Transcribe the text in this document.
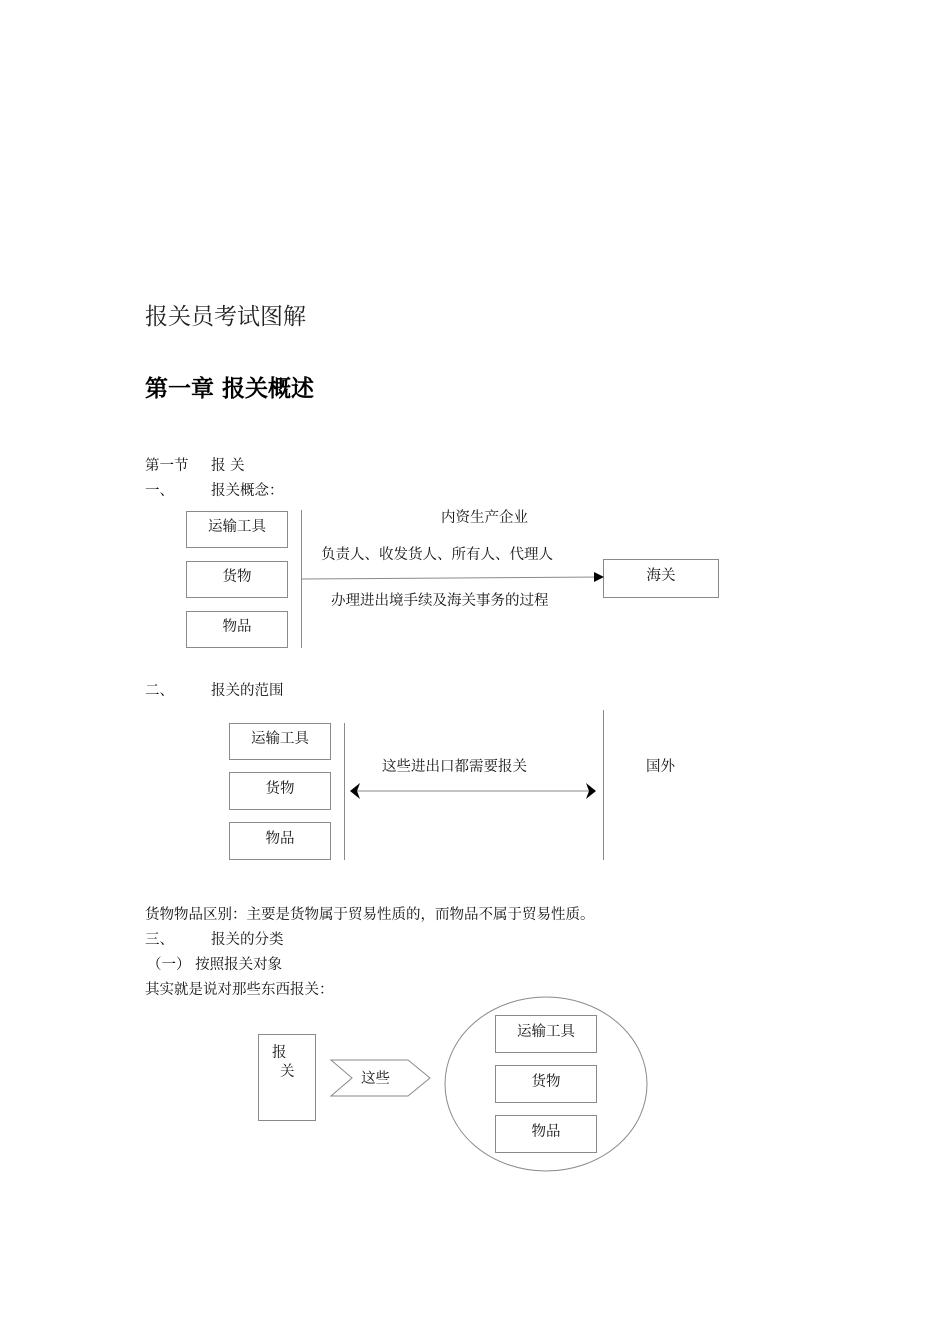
报关员考试图解
第一章 报关概述
第一节 报 关
一、	报关概念：
运输工具
货物
物品
内资生产企业
负责人、收发货人、所有人、代理人
办理进出境手续及海关事务的过程
海关
二、	报关的范围
运输工具
货物
物品
这些进出口都需要报关	国外
货物物品区别：主要是货物属于贸易性质的，而物品不属于贸易性质。
三、	报关的分类
（一） 按照报关对象
其实就是说对那些东西报关：
报
关	这些
运输工具
货物
物品
